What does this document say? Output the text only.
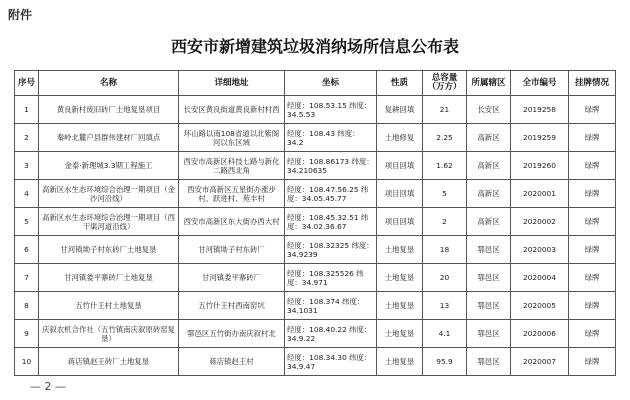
附件
西安市新增建筑垃圾消纳场所信息公布表
序号	名称	详细地址	坐标	性质	总容量（万方）	所属辖区	全市编号	挂牌情况
1	黄良新村废旧砖厂土地复垦项目	长安区黄良街道黄良新村村西	经度：108.53.15 纬度：34.5.53	复耕回填	21	长安区	2019258	绿牌
2	秦岭北麓户县群伟建材厂回填点	环山路以南108省道以北紫阁河以东区域	经度：108.43 纬度：34.2	土地修复	2.25	高新区	2019259	绿牌
3	金泰·新理城3.3期工程施工	西安市高新区科技七路与新化二路西北角	经度：108.86173 纬度：34.210635	项目回填	1.62	高新区	2019260	绿牌
4	高新区水生态环境综合治理一期项目（金沙河沿线）	西安市高新区五星街办涨步村、跃进村、苑丰村	经度：108.47.56.25 纬度：34.05.45.77	项目回填	5	高新区	2020001	绿牌
5	高新区水生态环境综合治理一期项目（西干渠河道沿线）	西安市高新区东大街办西大村	经度：108.45.32.51 纬度：34.02.36.67	项目回填	2	高新区	2020002	绿牌
6	甘河镇坳子村东砖厂土地复垦	甘河镇坳子村东砖厂	经度：108.32325 纬度：34.9239	土地复垦	18	鄠邑区	2020003	绿牌
7	甘河镇娄平寨砖厂土地复垦	甘河镇娄平寨砖厂	经度：108.325526 纬度：34.971	土地复垦	20	鄠邑区	2020004	绿牌
8	五竹什王村土地复垦	五竹什王村西南窑坑	经度：108.374 纬度：34.1031	土地复垦	13	鄠邑区	2020005	绿牌
9	庆叙农机合作社（五竹镇南庆叙原砖窑复垦）	鄠邑区五竹街办南庆叙村北	经度：108.40.22 纬度：34.9.22	土地复垦	4.1	鄠邑区	2020006	绿牌
10	蒋店镇赵王砖厂土地复垦	蒋店镇赵王村	经度：108.34.30 纬度：34.9.47	土地复垦	95.9	鄠邑区	2020007	绿牌
— 2 —
